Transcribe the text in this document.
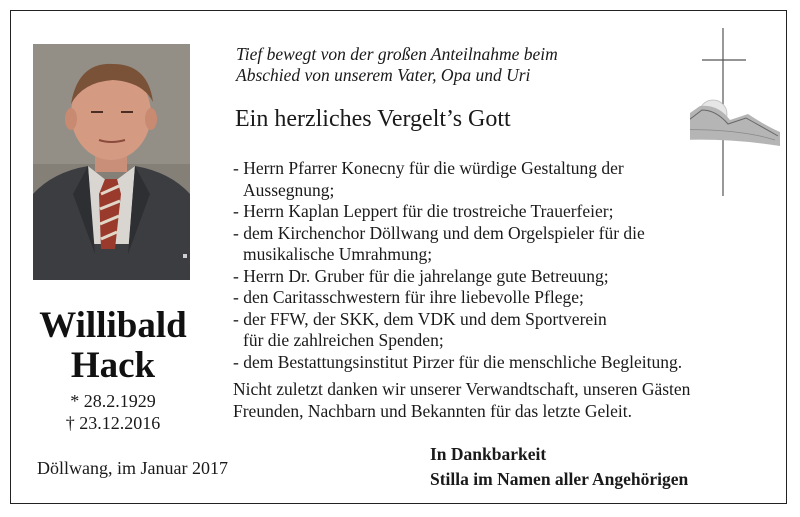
Willibald
Hack
* 28.2.1929
† 23.12.2016
Döllwang, im Januar 2017
Tief bewegt von der großen Anteilnahme beim
Abschied von unserem Vater, Opa und Uri
Ein herzliches Vergelt’s Gott
- Herrn Pfarrer Konecny für die würdige Gestaltung der
Aussegnung;
- Herrn Kaplan Leppert für die trostreiche Trauerfeier;
- dem Kirchenchor Döllwang und dem Orgelspieler für die
musikalische Umrahmung;
- Herrn Dr. Gruber für die jahrelange gute Betreuung;
- den Caritasschwestern für ihre liebevolle Pflege;
- der FFW, der SKK, dem VDK und dem Sportverein
für die zahlreichen Spenden;
- dem Bestattungsinstitut Pirzer für die menschliche Begleitung.
Nicht zuletzt danken wir unserer Verwandtschaft, unseren Gästen
Freunden, Nachbarn und Bekannten für das letzte Geleit.
In Dankbarkeit
Stilla im Namen aller Angehörigen
